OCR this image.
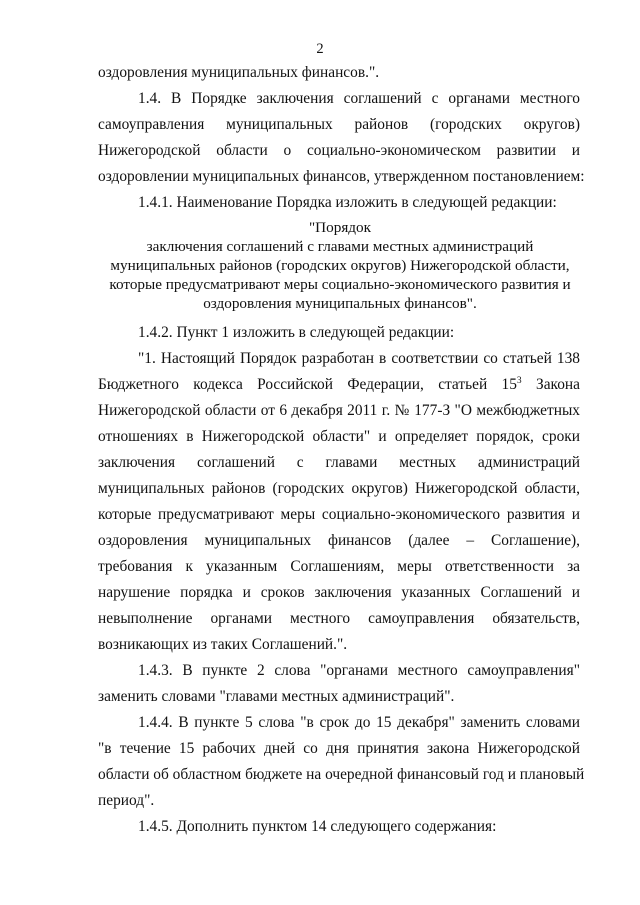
2

оздоровления муниципальных финансов.".

1.4. В Порядке заключения соглашений с органами местного

самоуправления муниципальных районов (городских округов)

Нижегородской области о социально-экономическом развитии и

оздоровлении муниципальных финансов, утвержденном постановлением:

1.4.1. Наименование Порядка изложить в следующей редакции:

"Порядок
заключения соглашений с главами местных администраций
муниципальных районов (городских округов) Нижегородской области,
которые предусматривают меры социально-экономического развития и
оздоровления муниципальных финансов".

1.4.2. Пункт 1 изложить в следующей редакции:

"1. Настоящий Порядок разработан в соответствии со статьей 138

Бюджетного кодекса Российской Федерации, статьей $15^3$ Закона

Нижегородской области от 6 декабря 2011 г. № 177-З "О межбюджетных

отношениях в Нижегородской области" и определяет порядок, сроки

заключения соглашений с главами местных администраций

муниципальных районов (городских округов) Нижегородской области,

которые предусматривают меры социально-экономического развития и

оздоровления муниципальных финансов (далее – Соглашение),

требования к указанным Соглашениям, меры ответственности за

нарушение порядка и сроков заключения указанных Соглашений и

невыполнение органами местного самоуправления обязательств,

возникающих из таких Соглашений.".

1.4.3. В пункте 2 слова "органами местного самоуправления"

заменить словами "главами местных администраций".

1.4.4. В пункте 5 слова "в срок до 15 декабря" заменить словами

"в течение 15 рабочих дней со дня принятия закона Нижегородской

области об областном бюджете на очередной финансовый год и плановый

период".

1.4.5. Дополнить пунктом 14 следующего содержания:
